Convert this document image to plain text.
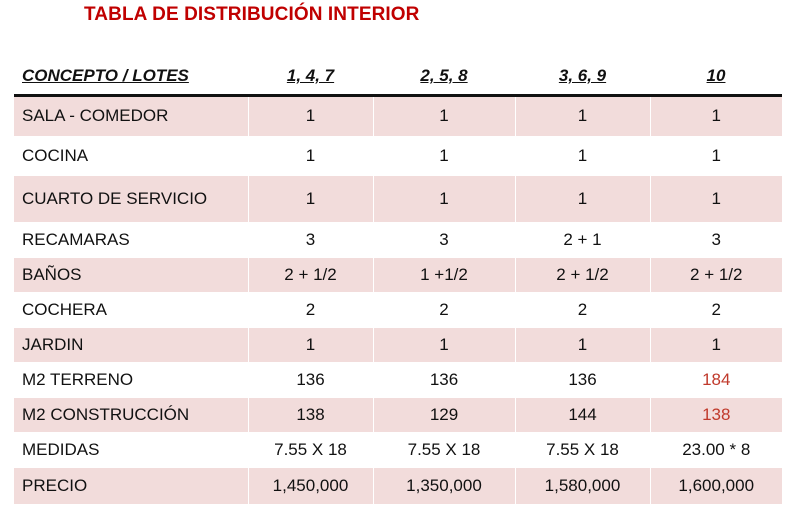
TABLA DE DISTRIBUCIÓN INTERIOR
CONCEPTO / LOTES	1, 4, 7	2, 5, 8	3, 6, 9	10
SALA - COMEDOR	1	1	1	1
COCINA	1	1	1	1
CUARTO DE SERVICIO	1	1	1	1
RECAMARAS	3	3	2 + 1	3
BAÑOS	2 + 1/2	1 +1/2	2 + 1/2	2 + 1/2
COCHERA	2	2	2	2
JARDIN	1	1	1	1
M2 TERRENO	136	136	136	184
M2 CONSTRUCCIÓN	138	129	144	138
MEDIDAS	7.55 X 18	7.55 X 18	7.55 X 18	23.00 * 8
PRECIO	1,450,000	1,350,000	1,580,000	1,600,000
